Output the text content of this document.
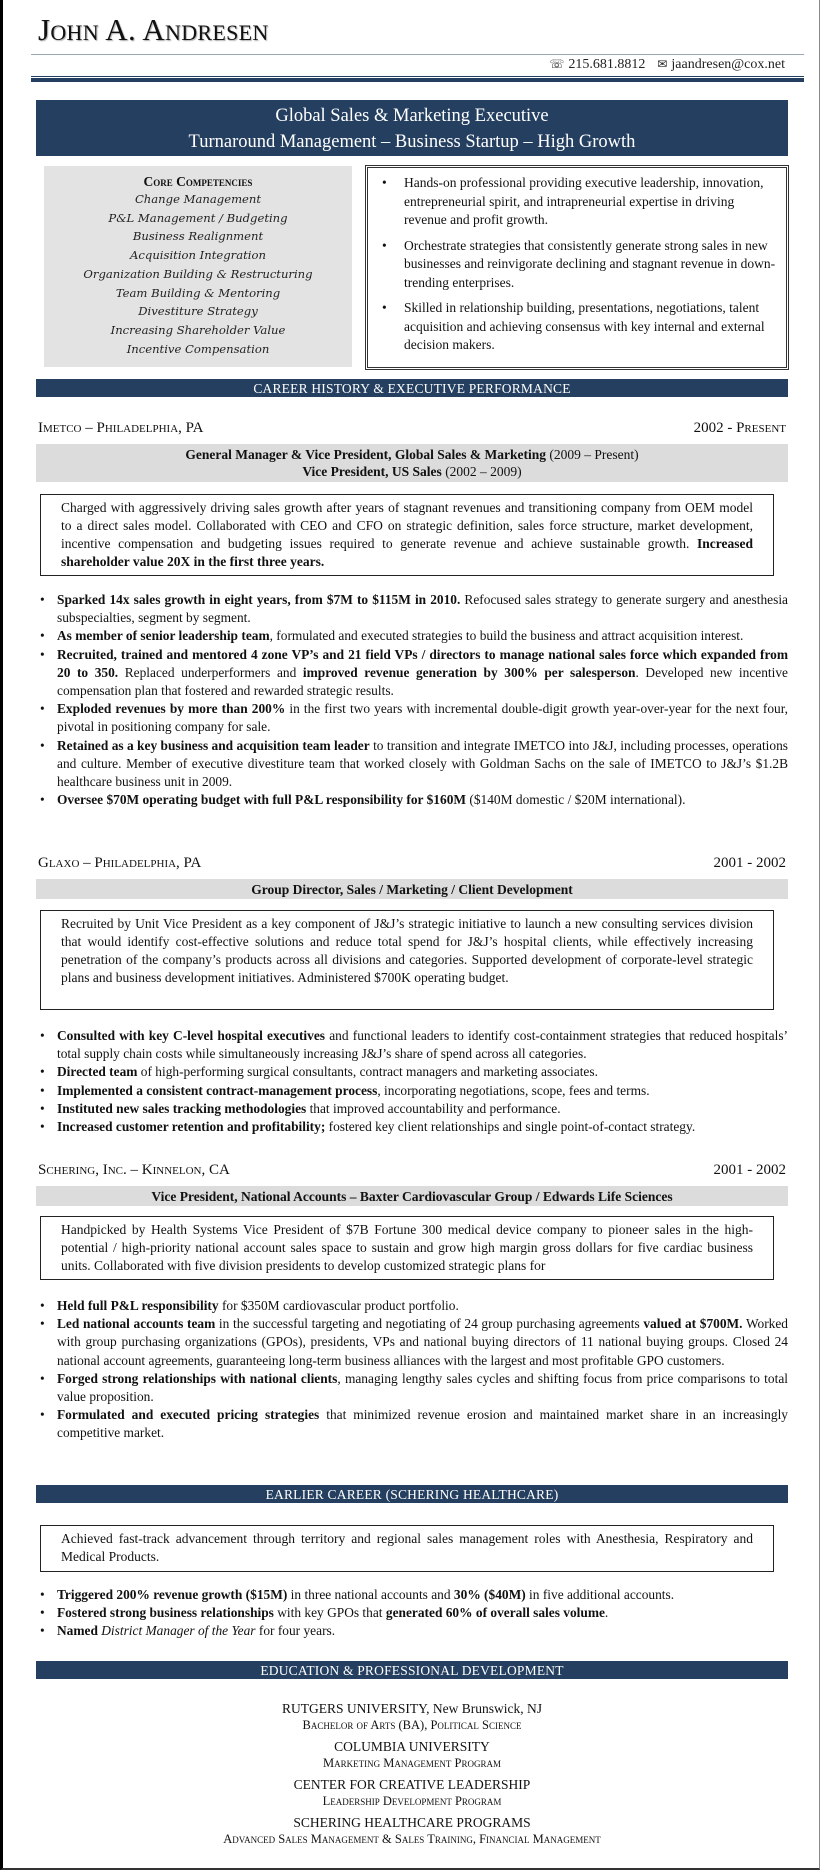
John A. Andresen
☏ 215.681.8812 ✉ jaandresen@cox.net
Global Sales & Marketing Executive
Turnaround Management – Business Startup – High Growth
Core Competencies
Change Management
P&L Management / Budgeting
Business Realignment
Acquisition Integration
Organization Building & Restructuring
Team Building & Mentoring
Divestiture Strategy
Increasing Shareholder Value
Incentive Compensation
• Hands-on professional providing executive leadership, innovation, entrepreneurial spirit, and intrapreneurial expertise in driving revenue and profit growth.
• Orchestrate strategies that consistently generate strong sales in new businesses and reinvigorate declining and stagnant revenue in down-trending enterprises.
• Skilled in relationship building, presentations, negotiations, talent acquisition and achieving consensus with key internal and external decision makers.
CAREER HISTORY & EXECUTIVE PERFORMANCE
Imetco – Philadelphia, PA	2002 - Present
General Manager & Vice President, Global Sales & Marketing (2009 – Present)
Vice President, US Sales (2002 – 2009)
Charged with aggressively driving sales growth after years of stagnant revenues and transitioning company from OEM model to a direct sales model. Collaborated with CEO and CFO on strategic definition, sales force structure, market development, incentive compensation and budgeting issues required to generate revenue and achieve sustainable growth. Increased shareholder value 20X in the first three years.
• Sparked 14x sales growth in eight years, from $7M to $115M in 2010. Refocused sales strategy to generate surgery and anesthesia subspecialties, segment by segment.
• As member of senior leadership team, formulated and executed strategies to build the business and attract acquisition interest.
• Recruited, trained and mentored 4 zone VP’s and 21 field VPs / directors to manage national sales force which expanded from 20 to 350. Replaced underperformers and improved revenue generation by 300% per salesperson. Developed new incentive compensation plan that fostered and rewarded strategic results.
• Exploded revenues by more than 200% in the first two years with incremental double-digit growth year-over-year for the next four, pivotal in positioning company for sale.
• Retained as a key business and acquisition team leader to transition and integrate IMETCO into J&J, including processes, operations and culture. Member of executive divestiture team that worked closely with Goldman Sachs on the sale of IMETCO to J&J’s $1.2B healthcare business unit in 2009.
• Oversee $70M operating budget with full P&L responsibility for $160M ($140M domestic / $20M international).
Glaxo – Philadelphia, PA	2001 - 2002
Group Director, Sales / Marketing / Client Development
Recruited by Unit Vice President as a key component of J&J’s strategic initiative to launch a new consulting services division that would identify cost-effective solutions and reduce total spend for J&J’s hospital clients, while effectively increasing penetration of the company’s products across all divisions and categories. Supported development of corporate-level strategic plans and business development initiatives. Administered $700K operating budget.
• Consulted with key C-level hospital executives and functional leaders to identify cost-containment strategies that reduced hospitals’ total supply chain costs while simultaneously increasing J&J’s share of spend across all categories.
• Directed team of high-performing surgical consultants, contract managers and marketing associates.
• Implemented a consistent contract-management process, incorporating negotiations, scope, fees and terms.
• Instituted new sales tracking methodologies that improved accountability and performance.
• Increased customer retention and profitability; fostered key client relationships and single point-of-contact strategy.
Schering, Inc. – Kinnelon, CA	2001 - 2002
Vice President, National Accounts – Baxter Cardiovascular Group / Edwards Life Sciences
Handpicked by Health Systems Vice President of $7B Fortune 300 medical device company to pioneer sales in the high-potential / high-priority national account sales space to sustain and grow high margin gross dollars for five cardiac business units. Collaborated with five division presidents to develop customized strategic plans for
• Held full P&L responsibility for $350M cardiovascular product portfolio.
• Led national accounts team in the successful targeting and negotiating of 24 group purchasing agreements valued at $700M. Worked with group purchasing organizations (GPOs), presidents, VPs and national buying directors of 11 national buying groups. Closed 24 national account agreements, guaranteeing long-term business alliances with the largest and most profitable GPO customers.
• Forged strong relationships with national clients, managing lengthy sales cycles and shifting focus from price comparisons to total value proposition.
• Formulated and executed pricing strategies that minimized revenue erosion and maintained market share in an increasingly competitive market.
EARLIER CAREER (SCHERING HEALTHCARE)
Achieved fast-track advancement through territory and regional sales management roles with Anesthesia, Respiratory and Medical Products.
• Triggered 200% revenue growth ($15M) in three national accounts and 30% ($40M) in five additional accounts.
• Fostered strong business relationships with key GPOs that generated 60% of overall sales volume.
• Named District Manager of the Year for four years.
EDUCATION & PROFESSIONAL DEVELOPMENT
RUTGERS UNIVERSITY, New Brunswick, NJ
Bachelor of Arts (BA), Political Science
COLUMBIA UNIVERSITY
Marketing Management Program
CENTER FOR CREATIVE LEADERSHIP
Leadership Development Program
SCHERING HEALTHCARE PROGRAMS
Advanced Sales Management & Sales Training, Financial Management
